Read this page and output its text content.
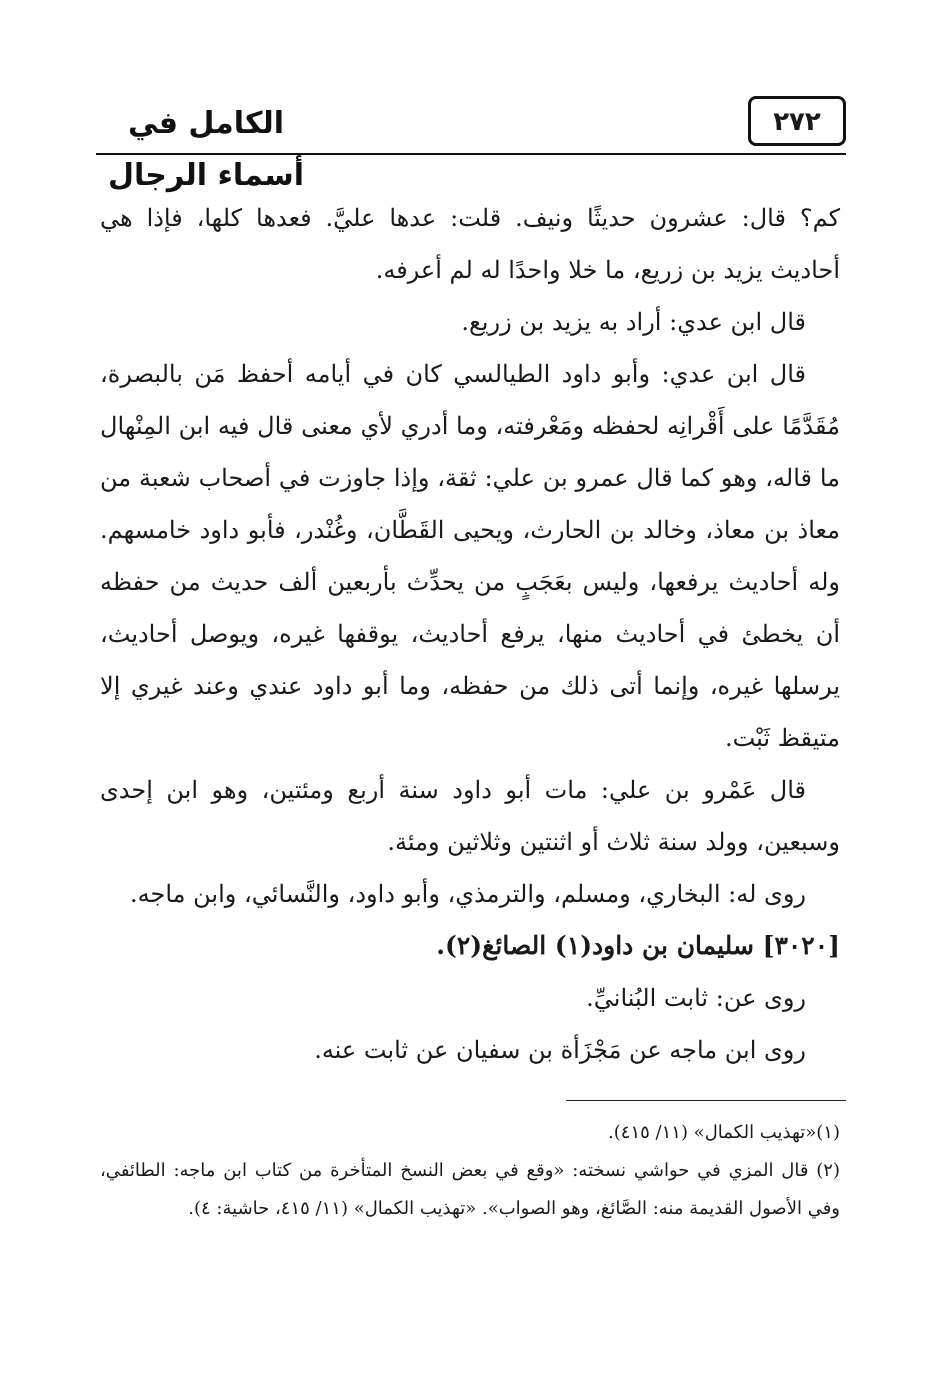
الكامل في أسماء الرجال
٢٧٢

كم؟ قال: عشرون حديثًا ونيف. قلت: عدها عليَّ. فعدها كلها، فإذا هي أحاديث يزيد بن زريع، ما خلا واحدًا له لم أعرفه.

قال ابن عدي: أراد به يزيد بن زريع.

قال ابن عدي: وأبو داود الطيالسي كان في أيامه أحفظ مَن بالبصرة، مُقَدَّمًا على أَقْرانِه لحفظه ومَعْرفته، وما أدري لأي معنى قال فيه ابن المِنْهال ما قاله، وهو كما قال عمرو بن علي: ثقة، وإذا جاوزت في أصحاب شعبة من معاذ بن معاذ، وخالد بن الحارث، ويحيى القَطَّان، وغُنْدر، فأبو داود خامسهم. وله أحاديث يرفعها، وليس بعَجَبٍ من يحدِّث بأربعين ألف حديث من حفظه أن يخطئ في أحاديث منها، يرفع أحاديث، يوقفها غيره، ويوصل أحاديث، يرسلها غيره، وإنما أتى ذلك من حفظه، وما أبو داود عندي وعند غيري إلا متيقظ ثَبْت.

قال عَمْرو بن علي: مات أبو داود سنة أربع ومئتين، وهو ابن إحدى وسبعين، وولد سنة ثلاث أو اثنتين وثلاثين ومئة.

روى له: البخاري، ومسلم، والترمذي، وأبو داود، والنَّسائي، وابن ماجه.

[٣٠٢٠] سليمان بن داود(١) الصائغ(٢).

روى عن: ثابت البُنانيِّ.

روى ابن ماجه عن مَجْزَأة بن سفيان عن ثابت عنه.

(١)«تهذيب الكمال» (١١/ ٤١٥).

(٢) قال المزي في حواشي نسخته: «وقع في بعض النسخ المتأخرة من كتاب ابن ماجه: الطائفي، وفي الأصول القديمة منه: الصَّائغ، وهو الصواب». «تهذيب الكمال» (١١/ ٤١٥، حاشية: ٤).
